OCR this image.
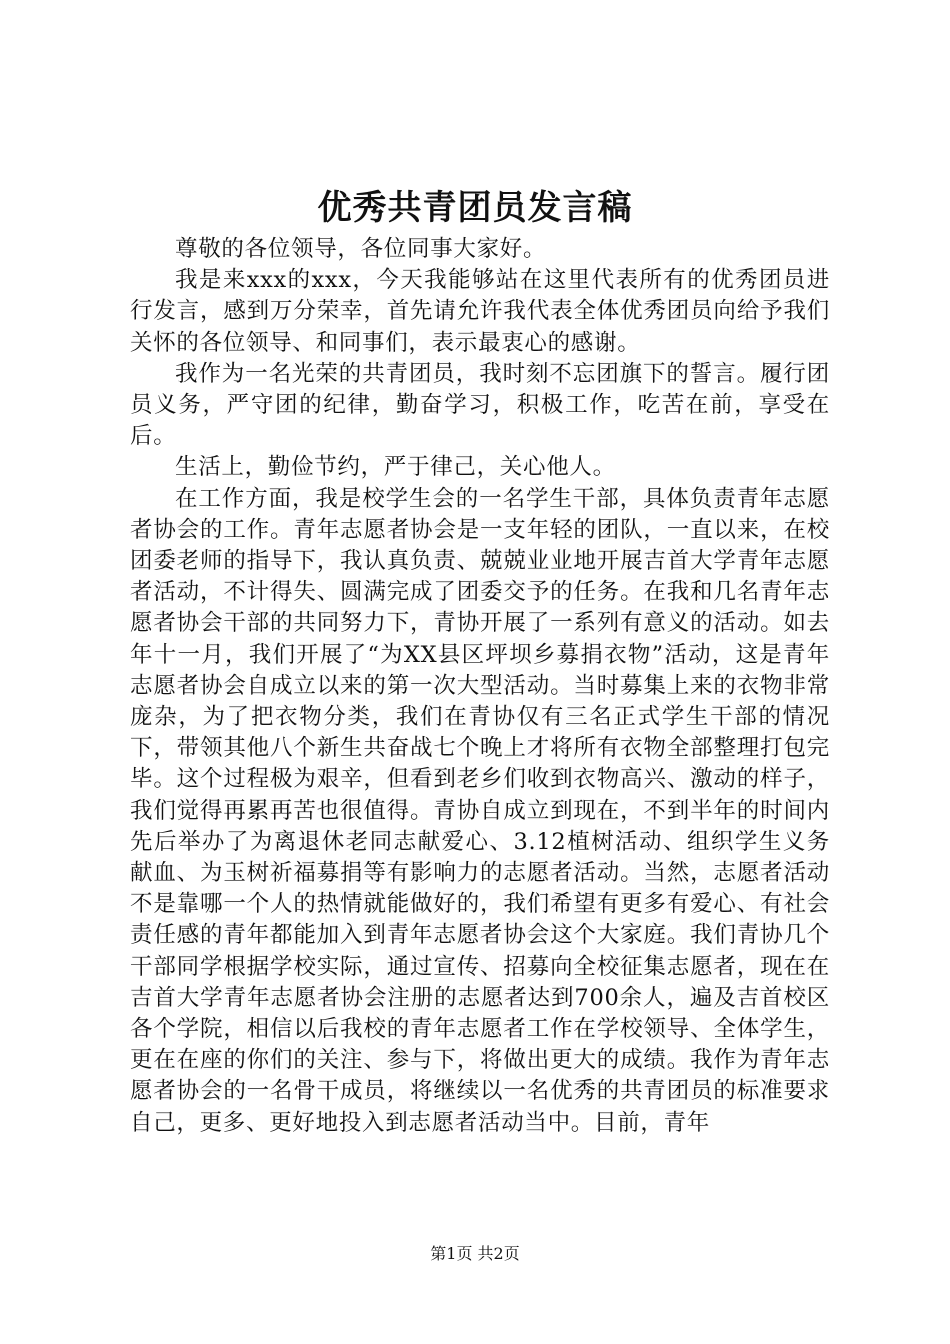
优秀共青团员发言稿

尊敬的各位领导，各位同事大家好。

我是来xxx的xxx，今天我能够站在这里代表所有的优秀团员进行发言，感到万分荣幸，首先请允许我代表全体优秀团员向给予我们关怀的各位领导、和同事们，表示最衷心的感谢。

我作为一名光荣的共青团员，我时刻不忘团旗下的誓言。履行团员义务，严守团的纪律，勤奋学习，积极工作，吃苦在前，享受在后。

生活上，勤俭节约，严于律己，关心他人。

在工作方面，我是校学生会的一名学生干部，具体负责青年志愿者协会的工作。青年志愿者协会是一支年轻的团队，一直以来，在校团委老师的指导下，我认真负责、兢兢业业地开展吉首大学青年志愿者活动，不计得失、圆满完成了团委交予的任务。在我和几名青年志愿者协会干部的共同努力下，青协开展了一系列有意义的活动。如去年十一月，我们开展了“为XX县区坪坝乡募捐衣物”活动，这是青年志愿者协会自成立以来的第一次大型活动。当时募集上来的衣物非常庞杂，为了把衣物分类，我们在青协仅有三名正式学生干部的情况下，带领其他八个新生共奋战七个晚上才将所有衣物全部整理打包完毕。这个过程极为艰辛，但看到老乡们收到衣物高兴、激动的样子，我们觉得再累再苦也很值得。青协自成立到现在，不到半年的时间内先后举办了为离退休老同志献爱心、3.12植树活动、组织学生义务献血、为玉树祈福募捐等有影响力的志愿者活动。当然，志愿者活动不是靠哪一个人的热情就能做好的，我们希望有更多有爱心、有社会责任感的青年都能加入到青年志愿者协会这个大家庭。我们青协几个干部同学根据学校实际，通过宣传、招募向全校征集志愿者，现在在吉首大学青年志愿者协会注册的志愿者达到700余人，遍及吉首校区各个学院，相信以后我校的青年志愿者工作在学校领导、全体学生，更在在座的你们的关注、参与下，将做出更大的成绩。我作为青年志愿者协会的一名骨干成员，将继续以一名优秀的共青团员的标准要求自己，更多、更好地投入到志愿者活动当中。目前，青年

第1页 共2页
